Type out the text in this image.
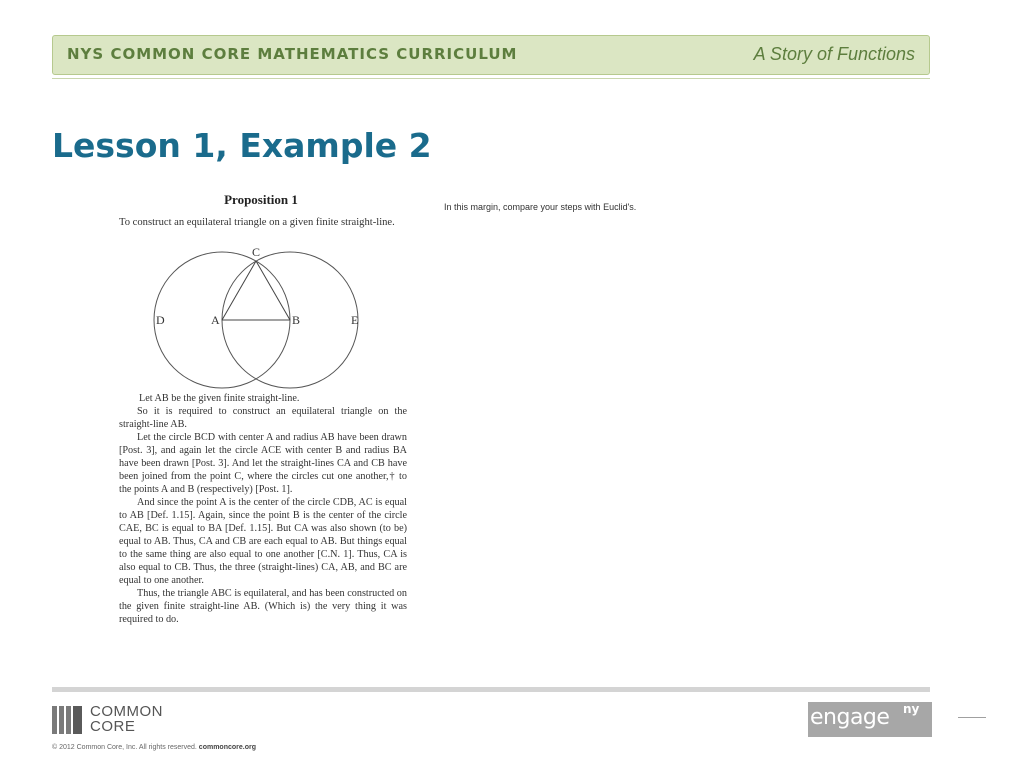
NYS COMMON CORE MATHEMATICS CURRICULUM	A Story of Functions
Lesson 1, Example 2
Proposition 1
To construct an equilateral triangle on a given finite straight-line.
C
D	A	B	E

Let AB be the given finite straight-line.

So it is required to construct an equilateral triangle on the straight-line AB.

Let the circle BCD with center A and radius AB have been drawn [Post. 3], and again let the circle ACE with center B and radius BA have been drawn [Post. 3]. And let the straight-lines CA and CB have been joined from the point C, where the circles cut one another,† to the points A and B (respectively) [Post. 1].

And since the point A is the center of the circle CDB, AC is equal to AB [Def. 1.15]. Again, since the point B is the center of the circle CAE, BC is equal to BA [Def. 1.15]. But CA was also shown (to be) equal to AB. Thus, CA and CB are each equal to AB. But things equal to the same thing are also equal to one another [C.N. 1]. Thus, CA is also equal to CB. Thus, the three (straight-lines) CA, AB, and BC are equal to one another.

Thus, the triangle ABC is equilateral, and has been constructed on the given finite straight-line AB. (Which is) the very thing it was required to do.

In this margin, compare your steps with Euclid's.
COMMON
CORE
© 2012 Common Core, Inc. All rights reserved. commoncore.org
engage ny
